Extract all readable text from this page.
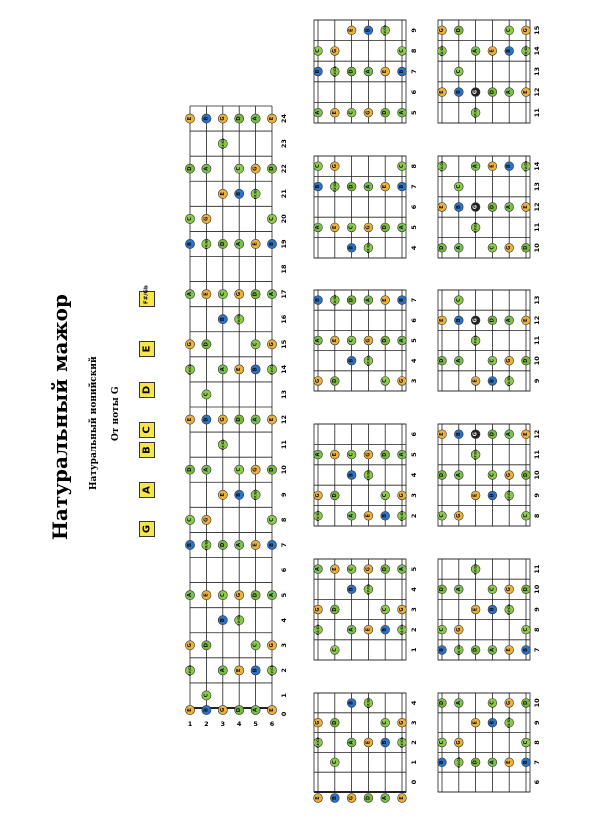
Натуральный мажор Натуральный ионийский От ноты G
G
A
B
C
D
E
F#/Gb
0
1
2
3
4
5
6
7
8
9
10
11
12
13
14
15
16
17
18
19
20
21
22
23
24
1 2 3 4 5 6
E
F#/Gb
G
A
B
C
D
E
F#/Gb
G
A
B
C
D
E
B
C
D
E
F#/Gb
G
A
B
C
D
E
F#/Gb
G
A
B
G
A
B
C
D
E
F#/Gb
G
A
B
C
D
E
F#/Gb
G
D
E
F#/Gb
G
A
B
C
D
E
F#/Gb
G
A
B
C
D
A
B
C
D
E
F#/Gb
G
A
B
C
D
E
F#/Gb
G
A
E
F#/Gb
G
A
B
C
D
E
F#/Gb
G
A
B
C
D
E
0
1
2
3
4
E B G D A E
C
F#/Gb	A E B	F#/Gb
G D	C G
B	F#/Gb
1
2
3
4
5
C
F#/Gb	A E B	F#/Gb
G D	C G
B	F#/Gb
A E C G D A
2
3
4
5
6
F#/Gb	A E B	F#/Gb
G D	C G
B	F#/Gb
A E C G D A
3
4
5
6
7
G D	C G
B	F#/Gb
A E C G D A
B	F#/Gb D A E B
4
5
6
7
8
B	F#/Gb
A E C G D A
B	F#/Gb D A E B
C G	C
5
6
7
8
9
A E C G D A
B	F#/Gb D A E B
C G	C
E B	F#/Gb
6
7
8
9
10
B	F#/Gb D A E B
C G	C
E B	F#/Gb
D A	C G D
7
8
9
10
11
B	F#/Gb D A E B
C G	C
E B	F#/Gb
D A	C G D
F#/Gb
8
9
10
11
12
C G	C
E B	F#/Gb
D A	C G D
F#/Gb
E B G D A E
9
10
11
12
13
E B	F#/Gb
D A	C G D
F#/Gb
E B G D A E
C
10
11
12
13
14
D A	C G D
F#/Gb
E B G D A E
C
F#/Gb	A E B	F#/Gb
11
12
13
14
15
F#/Gb
E B G D A E
C
F#/Gb	A E B	F#/Gb
G D	C G
